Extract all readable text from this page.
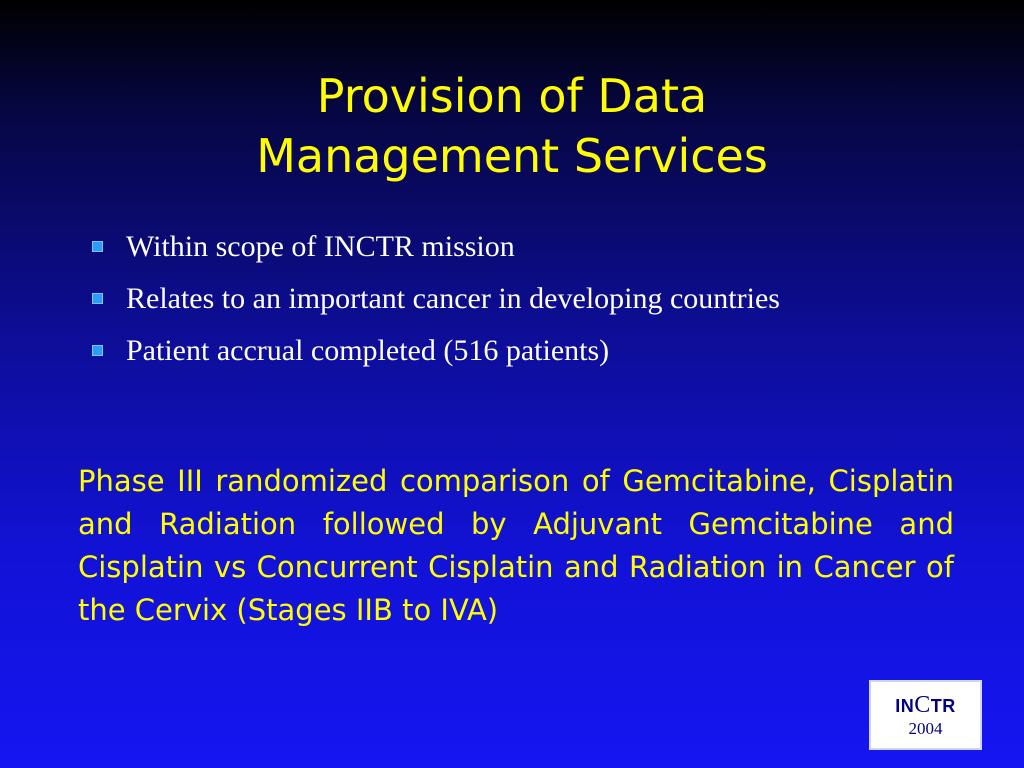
Provision of Data
Management Services
Within scope of INCTR mission
Relates to an important cancer in developing countries
Patient accrual completed (516 patients)

Phase III randomized comparison of Gemcitabine, Cisplatin and Radiation followed by Adjuvant Gemcitabine and Cisplatin vs Concurrent Cisplatin and Radiation in Cancer of the Cervix (Stages IIB to IVA)

INCTR
2004
